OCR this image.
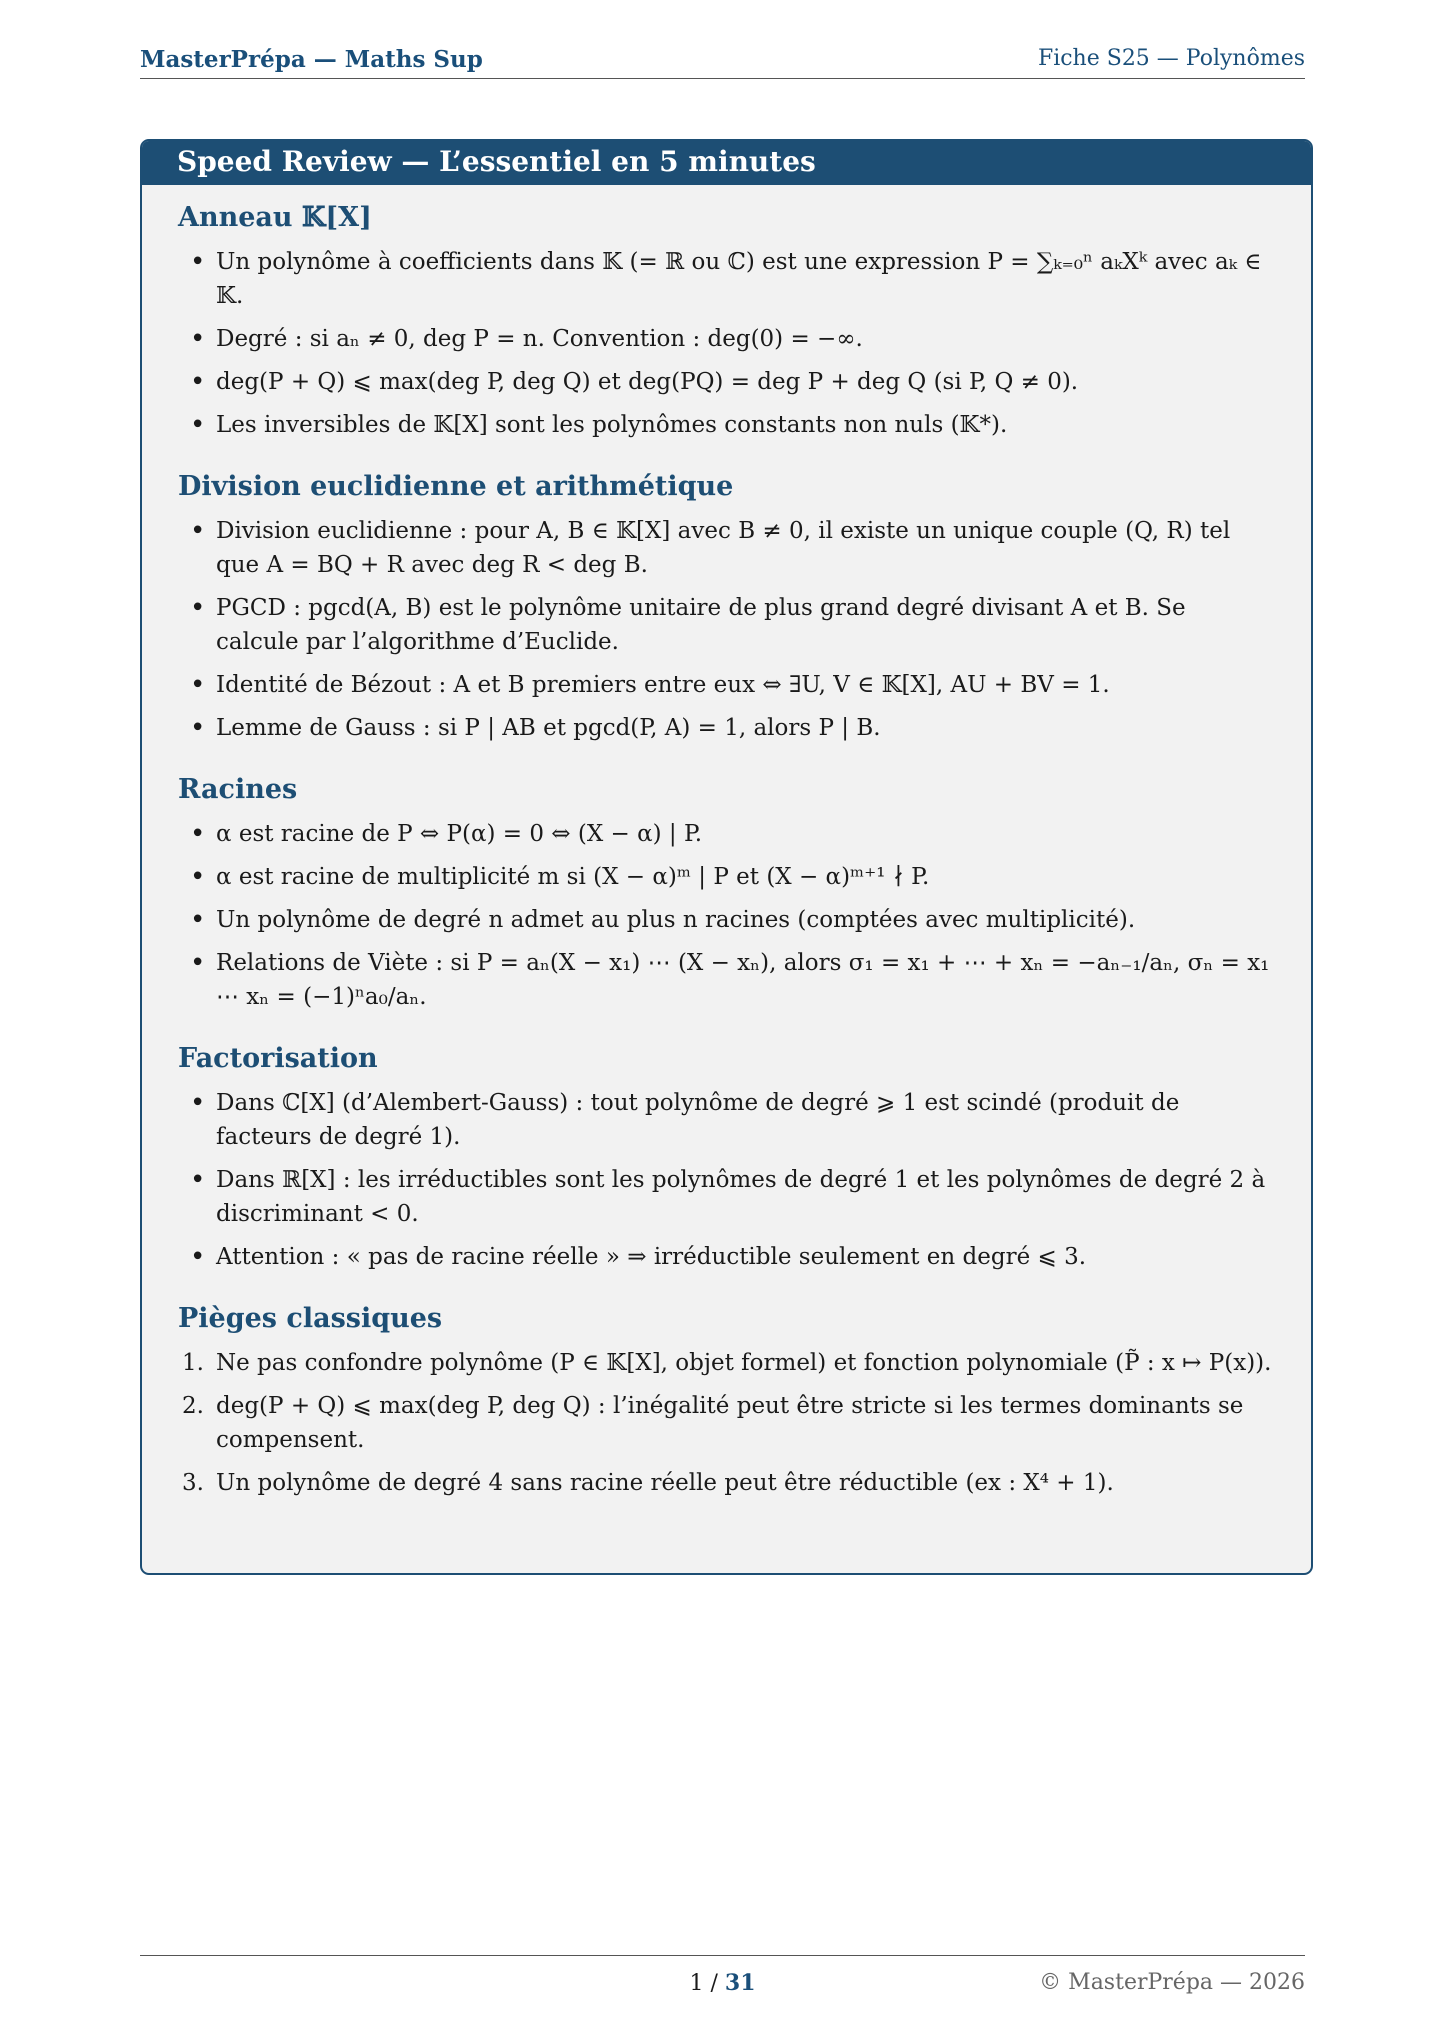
MasterPrépa — Maths Sup	Fiche S25 — Polynômes
Speed Review — L’essentiel en 5 minutes
Anneau 𝕂[X]
• Un polynôme à coefficients dans 𝕂 (= ℝ ou ℂ) est une expression P = ∑ₖ₌₀ⁿ aₖXᵏ avec aₖ ∈ 𝕂.
• Degré : si aₙ ≠ 0, deg P = n. Convention : deg(0) = −∞.
• deg(P + Q) ⩽ max(deg P, deg Q) et deg(PQ) = deg P + deg Q (si P, Q ≠ 0).
• Les inversibles de 𝕂[X] sont les polynômes constants non nuls (𝕂*).
Division euclidienne et arithmétique
• Division euclidienne : pour A, B ∈ 𝕂[X] avec B ≠ 0, il existe un unique couple (Q, R) tel que A = BQ + R avec deg R < deg B.
• PGCD : pgcd(A, B) est le polynôme unitaire de plus grand degré divisant A et B. Se calcule par l’algorithme d’Euclide.
• Identité de Bézout : A et B premiers entre eux ⇔ ∃U, V ∈ 𝕂[X], AU + BV = 1.
• Lemme de Gauss : si P | AB et pgcd(P, A) = 1, alors P | B.
Racines
• α est racine de P ⇔ P(α) = 0 ⇔ (X − α) | P.
• α est racine de multiplicité m si (X − α)ᵐ | P et (X − α)ᵐ⁺¹ ∤ P.
• Un polynôme de degré n admet au plus n racines (comptées avec multiplicité).
• Relations de Viète : si P = aₙ(X − x₁) ⋯ (X − xₙ), alors σ₁ = x₁ + ⋯ + xₙ = −aₙ₋₁/aₙ, σₙ = x₁ ⋯ xₙ = (−1)ⁿa₀/aₙ.
Factorisation
• Dans ℂ[X] (d’Alembert-Gauss) : tout polynôme de degré ⩾ 1 est scindé (produit de facteurs de degré 1).
• Dans ℝ[X] : les irréductibles sont les polynômes de degré 1 et les polynômes de degré 2 à discriminant < 0.
• Attention : « pas de racine réelle » ⇒ irréductible seulement en degré ⩽ 3.
Pièges classiques
1. Ne pas confondre polynôme (P ∈ 𝕂[X], objet formel) et fonction polynomiale (P̃ : x ↦ P(x)).
2. deg(P + Q) ⩽ max(deg P, deg Q) : l’inégalité peut être stricte si les termes dominants se compensent.
3. Un polynôme de degré 4 sans racine réelle peut être réductible (ex : X⁴ + 1).
1 / 31	© MasterPrépa — 2026
